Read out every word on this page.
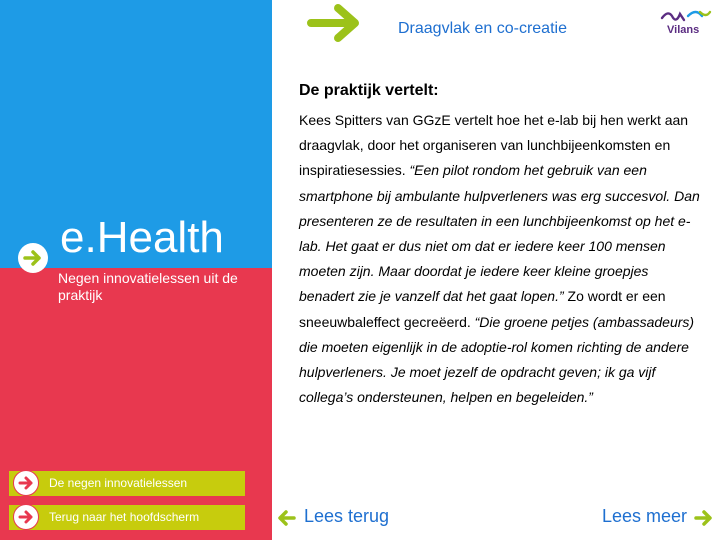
e.Health
Negen innovatielessen uit de praktijk
De negen innovatielessen
Terug naar het hoofdscherm
Draagvlak en co-creatie	Vilans
De praktijk vertelt:
Kees Spitters van GGzE vertelt hoe het e-lab bij hen werkt aan draagvlak, door het organiseren van lunchbijeenkomsten en inspiratiesessies. “Een pilot rondom het gebruik van een smartphone bij ambulante hulpverleners was erg succesvol. Dan presenteren ze de resultaten in een lunchbijeenkomst op het e-lab. Het gaat er dus niet om dat er iedere keer 100 mensen moeten zijn. Maar doordat je iedere keer kleine groepjes benadert zie je vanzelf dat het gaat lopen.” Zo wordt er een sneeuwbaleffect gecreëerd. “Die groene petjes (ambassadeurs) die moeten eigenlijk in de adoptie-rol komen richting de andere hulpverleners. Je moet jezelf de opdracht geven; ik ga vijf collega’s ondersteunen, helpen en begeleiden.”
Lees terug	Lees meer
